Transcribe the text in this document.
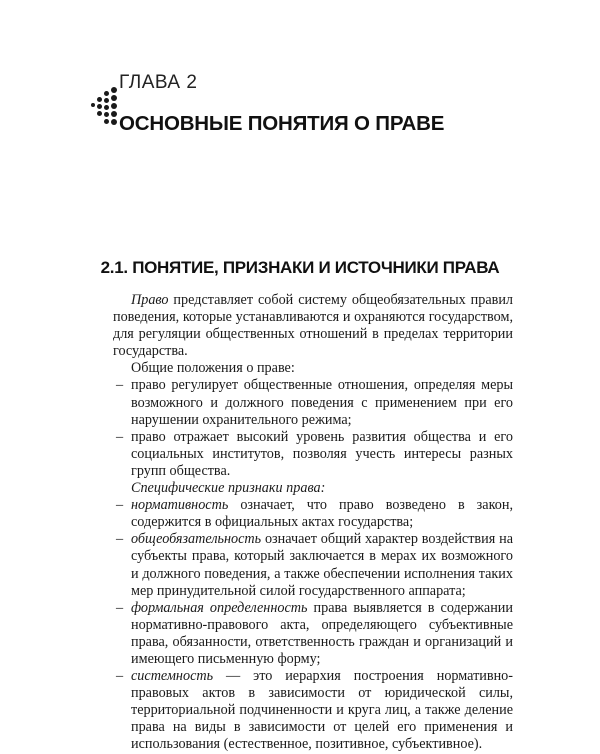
ГЛАВА 2
ОСНОВНЫЕ ПОНЯТИЯ О ПРАВЕ
2.1. ПОНЯТИЕ, ПРИЗНАКИ И ИСТОЧНИКИ ПРАВА

Право представляет собой систему общеобязательных правил поведения, которые устанавливаются и охраняются государством, для регуляции общественных отношений в пределах территории государства.

Общие положения о праве:

– право регулирует общественные отношения, определяя меры возможного и должного поведения с применением при его нарушении охранительного режима;
– право отражает высокий уровень развития общества и его социальных институтов, позволяя учесть интересы разных групп общества.

Специфические признаки права:

– нормативность означает, что право возведено в закон, содержится в официальных актах государства;
– общеобязательность означает общий характер воздействия на субъекты права, который заключается в мерах их возможного и должного поведения, а также обеспечении исполнения таких мер принудительной силой государственного аппарата;
– формальная определенность права выявляется в содержании нормативно-правового акта, определяющего субъективные права, обязанности, ответственность граждан и организаций и имеющего письменную форму;
– системность — это иерархия построения нормативно-правовых актов в зависимости от юридической силы, территориальной подчиненности и круга лиц, а также деление права на виды в зависимости от целей его применения и использования (естественное, позитивное, субъективное).
